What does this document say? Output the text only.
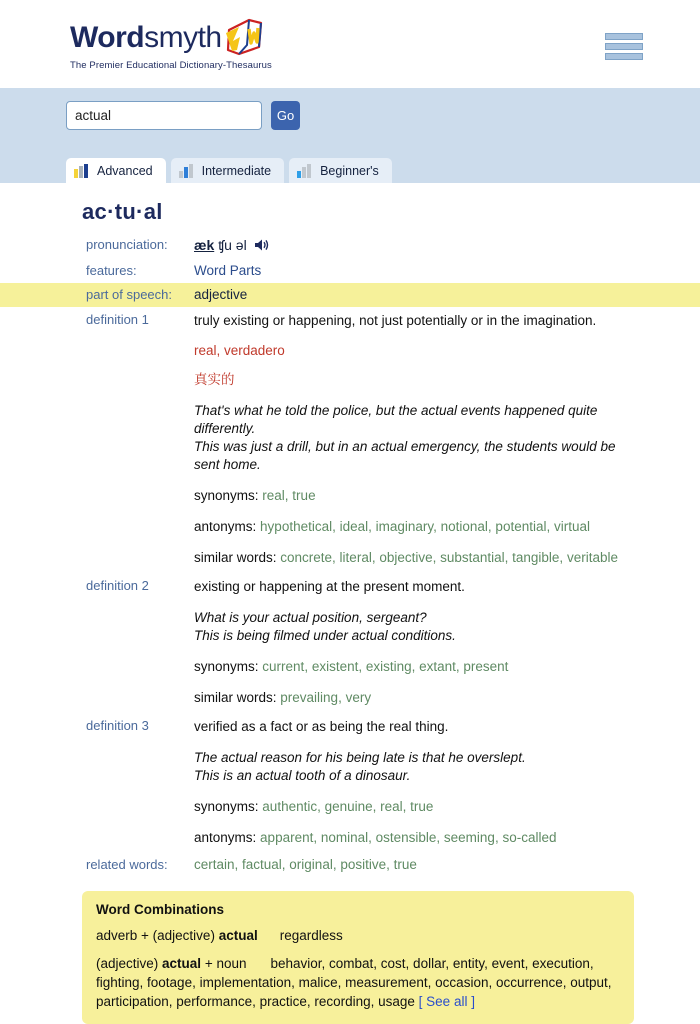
Word smyth
The Premier Educational Dictionary-Thesaurus
actual
Go
Advanced	Intermediate	Beginner's
ac·tu·al
pronunciation:	æk ʧu əl
features:	Word Parts
part of speech:	adjective
definition 1	truly existing or happening, not just potentially or in the imagination.
real, verdadero
真实的
That's what he told the police, but the actual events happened quite differently.
This was just a drill, but in an actual emergency, the students would be sent home.
synonyms: real, true
antonyms: hypothetical, ideal, imaginary, notional, potential, virtual
similar words: concrete, literal, objective, substantial, tangible, veritable
definition 2	existing or happening at the present moment.
What is your actual position, sergeant?
This is being filmed under actual conditions.
synonyms: current, existent, existing, extant, present
similar words: prevailing, very
definition 3	verified as a fact or as being the real thing.
The actual reason for his being late is that he overslept.
This is an actual tooth of a dinosaur.
synonyms: authentic, genuine, real, true
antonyms: apparent, nominal, ostensible, seeming, so-called
related words:	certain, factual, original, positive, true
Word Combinations
adverb + (adjective) actual regardless
(adjective) actual + noun behavior, combat, cost, dollar, entity, event, execution, fighting, footage, implementation, malice, measurement, occasion, occurrence, output, participation, performance, practice, recording, usage [ See all ]
